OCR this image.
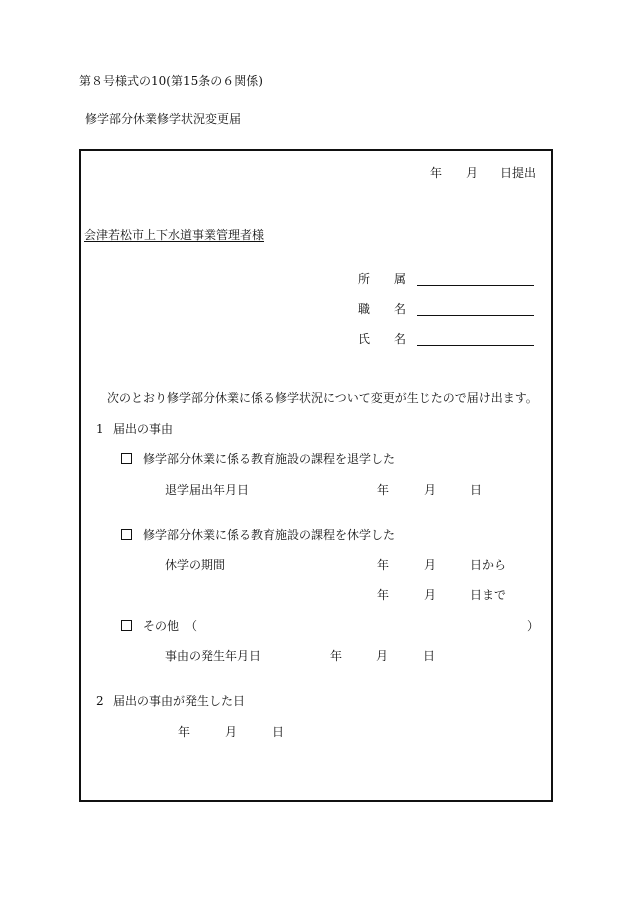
第８号様式の10(第15条の６関係)
修学部分休業修学状況変更届
年 月 日提出
会津若松市上下水道事業管理者様
所 属
職 名
氏 名
次のとおり修学部分休業に係る修学状況について変更が生じたので届け出ます。
1 届出の事由
修学部分休業に係る教育施設の課程を退学した
退学届出年月日	年	月	日
修学部分休業に係る教育施設の課程を休学した
休学の期間	年	月	日から
年	月	日まで
その他 （	）
事由の発生年月日	年	月	日
2 届出の事由が発生した日
年	月	日
